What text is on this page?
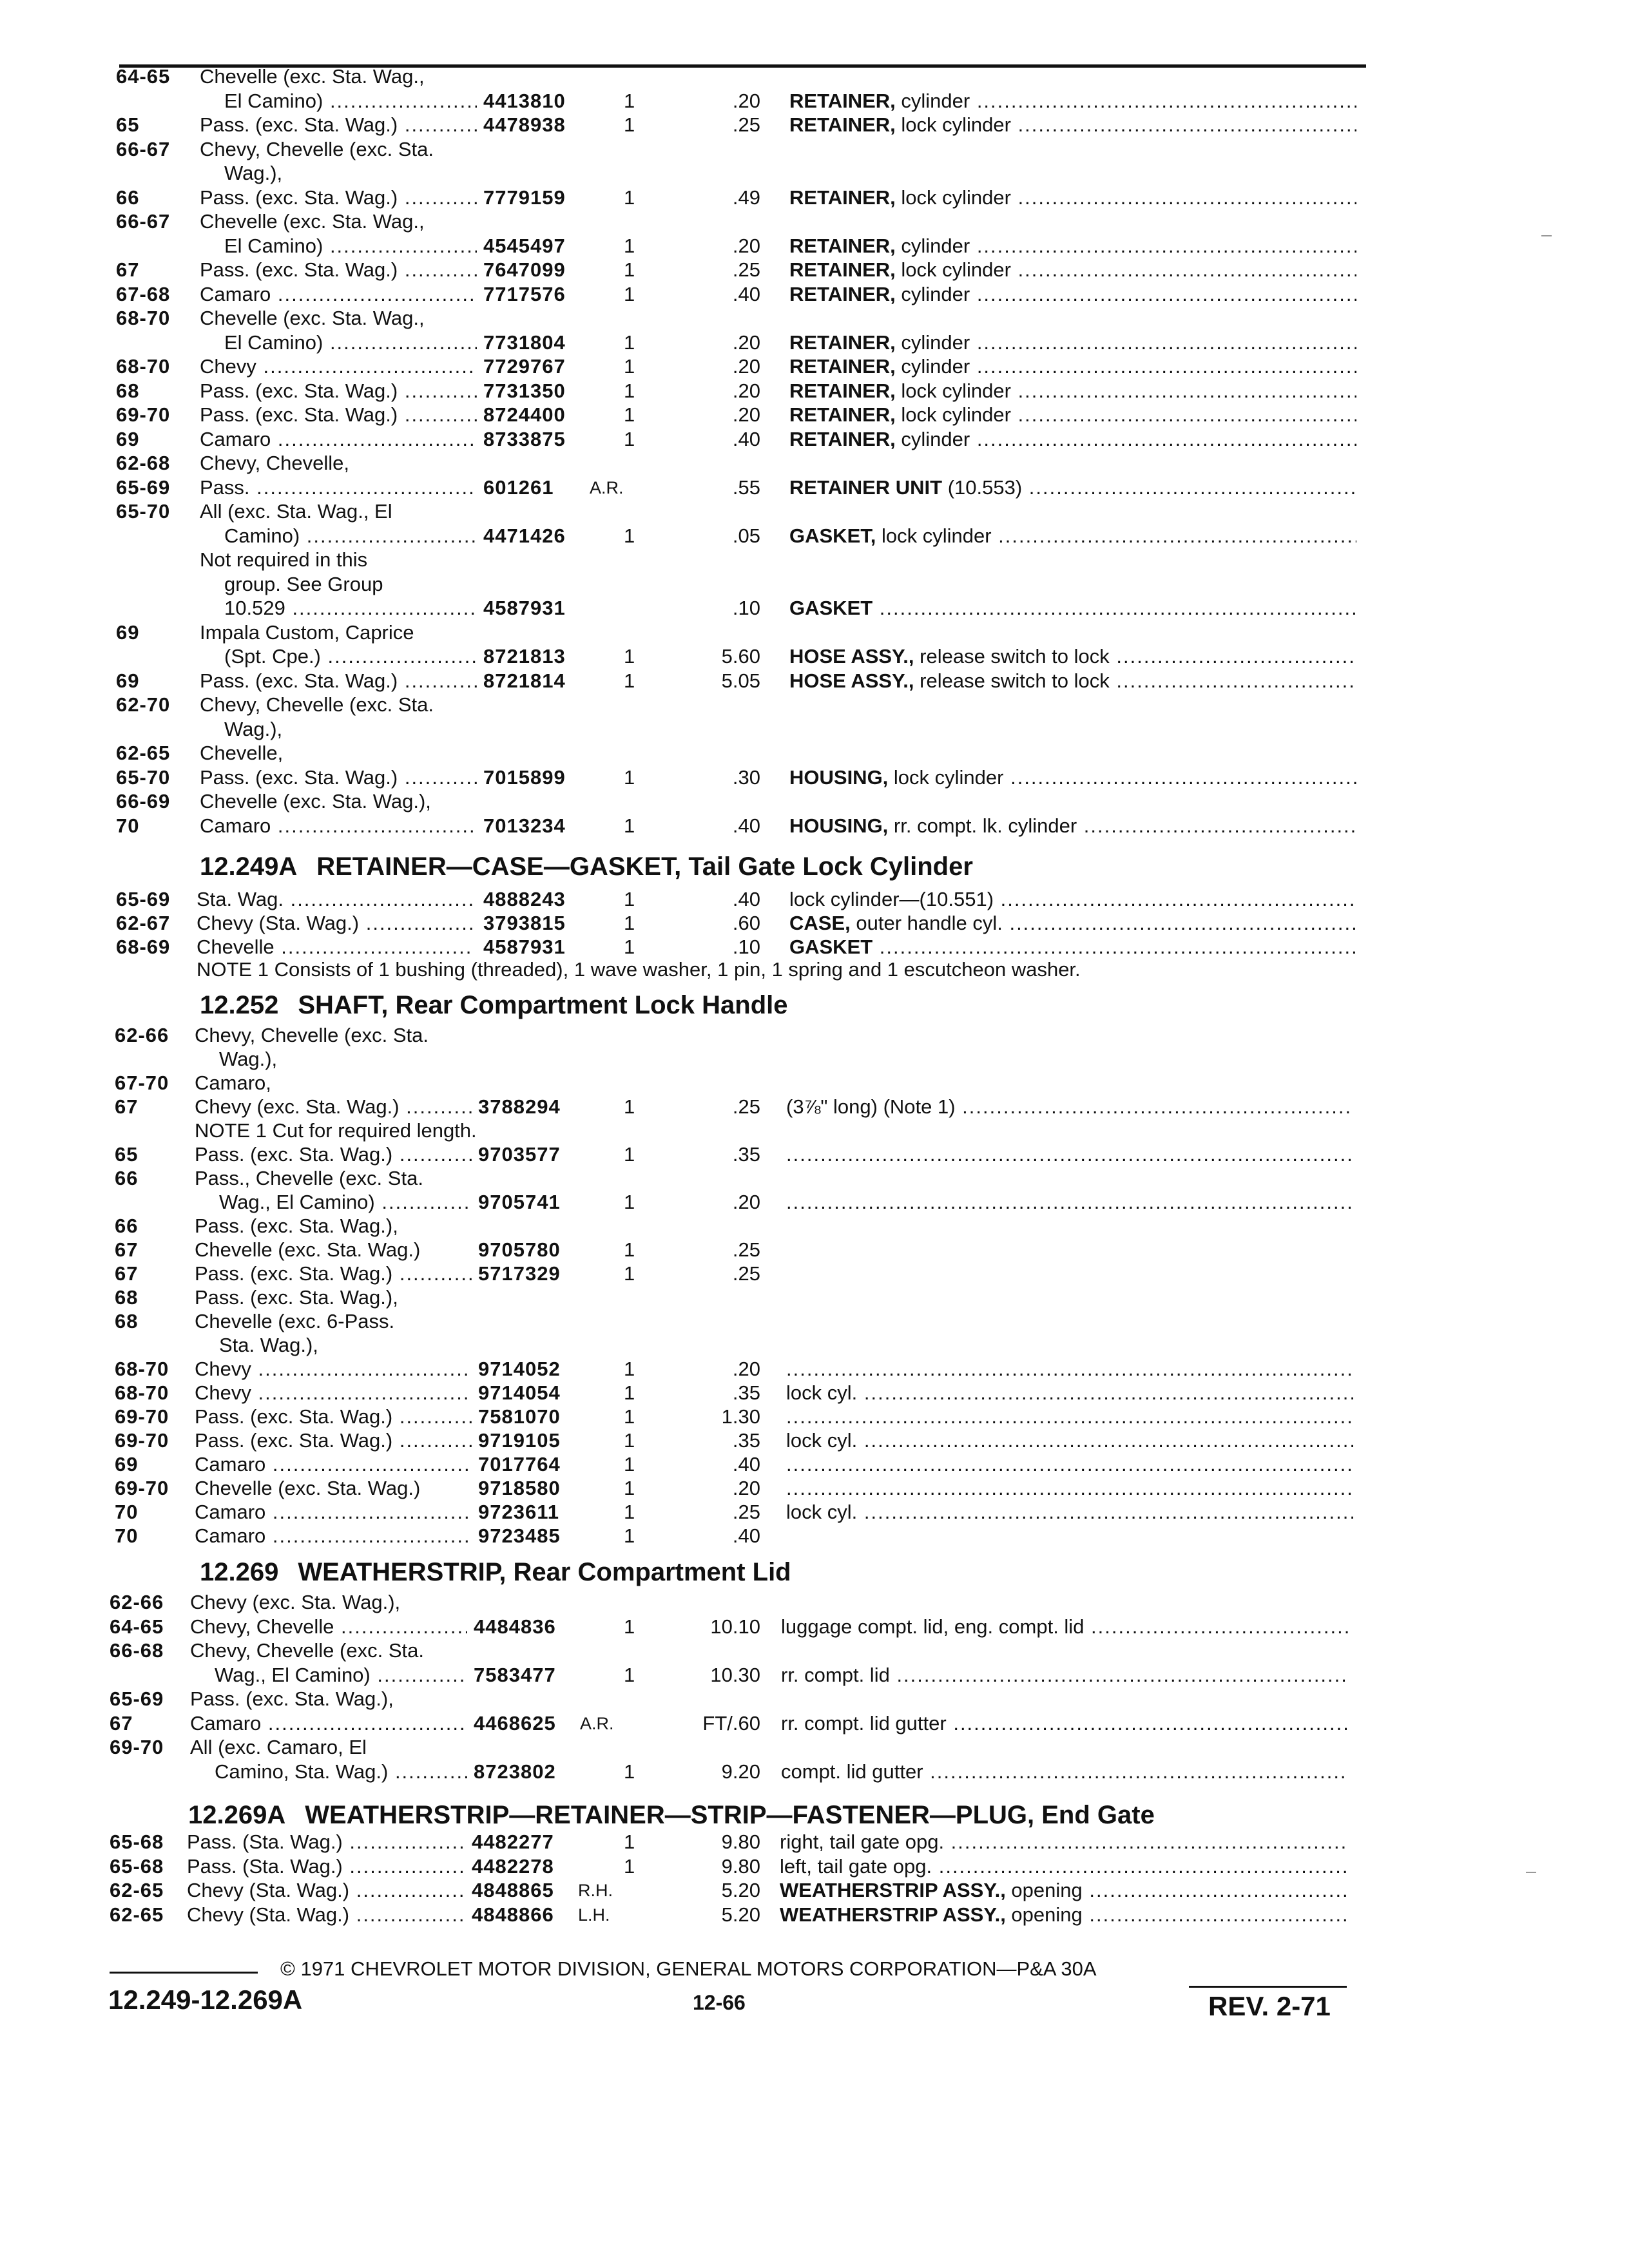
64-65 Chevelle (exc. Sta. Wag.,
El Camino) .....	4413810	1	.20 RETAINER, cylinder .....
65	Pass. (exc. Sta. Wag.) .....	4478938	1	.25 RETAINER, lock cylinder .....
66-67 Chevy, Chevelle (exc. Sta.
Wag.),
66	Pass. (exc. Sta. Wag.) .....	7779159	1	.49 RETAINER, lock cylinder .....
66-67 Chevelle (exc. Sta. Wag.,
El Camino) .....	4545497	1	.20 RETAINER, cylinder .....
67	Pass. (exc. Sta. Wag.) .....	7647099	1	.25 RETAINER, lock cylinder .....
67-68 Camaro .....	7717576	1	.40 RETAINER, cylinder .....
68-70 Chevelle (exc. Sta. Wag.,
El Camino) .....	7731804	1	.20 RETAINER, cylinder .....
68-70 Chevy .....	7729767	1	.20 RETAINER, cylinder .....
68	Pass. (exc. Sta. Wag.) .....	7731350	1	.20 RETAINER, lock cylinder .....
69-70 Pass. (exc. Sta. Wag.) .....	8724400	1	.20 RETAINER, lock cylinder .....
69	Camaro .....	8733875	1	.40 RETAINER, cylinder .....
62-68 Chevy, Chevelle,
65-69 Pass. .....	601261 A.R.	.55 RETAINER UNIT (10.553) .....
65-70 All (exc. Sta. Wag., El
Camino) .....	4471426	1	.05 GASKET, lock cylinder .....
Not required in this
group. See Group
10.529 .....	4587931	.10 GASKET .....
69	Impala Custom, Caprice
(Spt. Cpe.) .....	8721813	1	5.60 HOSE ASSY., release switch to lock .....
69	Pass. (exc. Sta. Wag.) .....	8721814	1	5.05 HOSE ASSY., release switch to lock .....
62-70 Chevy, Chevelle (exc. Sta.
Wag.),
62-65 Chevelle,
65-70 Pass. (exc. Sta. Wag.) .....	7015899	1	.30 HOUSING, lock cylinder .....
66-69 Chevelle (exc. Sta. Wag.),
70	Camaro .....	7013234	1	.40 HOUSING, rr. compt. lk. cylinder .....
12.249A RETAINER—CASE—GASKET, Tail Gate Lock Cylinder
65-69 Sta. Wag. .....	4888243	1	.40 lock cylinder—(10.551) .....
62-67 Chevy (Sta. Wag.) .....	3793815	1	.60 CASE, outer handle cyl. .....
68-69 Chevelle .....	4587931	1	.10 GASKET .....
NOTE 1 Consists of 1 bushing (threaded), 1 wave washer, 1 pin, 1 spring and 1 escutcheon washer.
12.252 SHAFT, Rear Compartment Lock Handle
62-66 Chevy, Chevelle (exc. Sta.
Wag.),
67-70 Camaro,
67	Chevy (exc. Sta. Wag.) .....	3788294	1	.25 (3⅞" long) (Note 1) .....
NOTE 1 Cut for required length.
65	Pass. (exc. Sta. Wag.) .....	9703577	1	.35
.....
66	Pass., Chevelle (exc. Sta.
Wag., El Camino) .....	9705741	1	.20
.....
66	Pass. (exc. Sta. Wag.),
67	Chevelle (exc. Sta. Wag.)	9705780	1	.25
67	Pass. (exc. Sta. Wag.) .....	5717329	1	.25
68	Pass. (exc. Sta. Wag.),
68	Chevelle (exc. 6-Pass.
Sta. Wag.),
68-70 Chevy .....	9714052	1	.20
.....
68-70 Chevy .....	9714054	1	.35 lock cyl. .....
69-70 Pass. (exc. Sta. Wag.) .....	7581070	1	1.30
.....
69-70 Pass. (exc. Sta. Wag.) .....	9719105	1	.35 lock cyl. .....
69	Camaro .....	7017764	1	.40
.....
69-70 Chevelle (exc. Sta. Wag.)	9718580	1	.20
.....
70	Camaro .....	9723611	1	.25 lock cyl. .....
70	Camaro .....	9723485	1	.40
12.269 WEATHERSTRIP, Rear Compartment Lid
62-66 Chevy (exc. Sta. Wag.),
64-65 Chevy, Chevelle .....	4484836	1	10.10 luggage compt. lid, eng. compt. lid .....
66-68 Chevy, Chevelle (exc. Sta.
Wag., El Camino) .....	7583477	1	10.30 rr. compt. lid .....
65-69 Pass. (exc. Sta. Wag.),
67	Camaro .....	4468625 A.R.	FT/.60 rr. compt. lid gutter .....
69-70 All (exc. Camaro, El
Camino, Sta. Wag.) .....	8723802	1	9.20 compt. lid gutter .....
12.269A WEATHERSTRIP—RETAINER—STRIP—FASTENER—PLUG, End Gate
65-68 Pass. (Sta. Wag.) .....	4482277	1	9.80 right, tail gate opg. .....
65-68 Pass. (Sta. Wag.) .....	4482278	1	9.80 left, tail gate opg. .....
62-65 Chevy (Sta. Wag.) .....	4848865 R.H.	5.20 WEATHERSTRIP ASSY., opening .....
62-65 Chevy (Sta. Wag.) .....	4848866 L.H.	5.20 WEATHERSTRIP ASSY., opening .....
© 1971 CHEVROLET MOTOR DIVISION, GENERAL MOTORS CORPORATION—P&A 30A
12.249-12.269A	12-66	REV. 2-71
